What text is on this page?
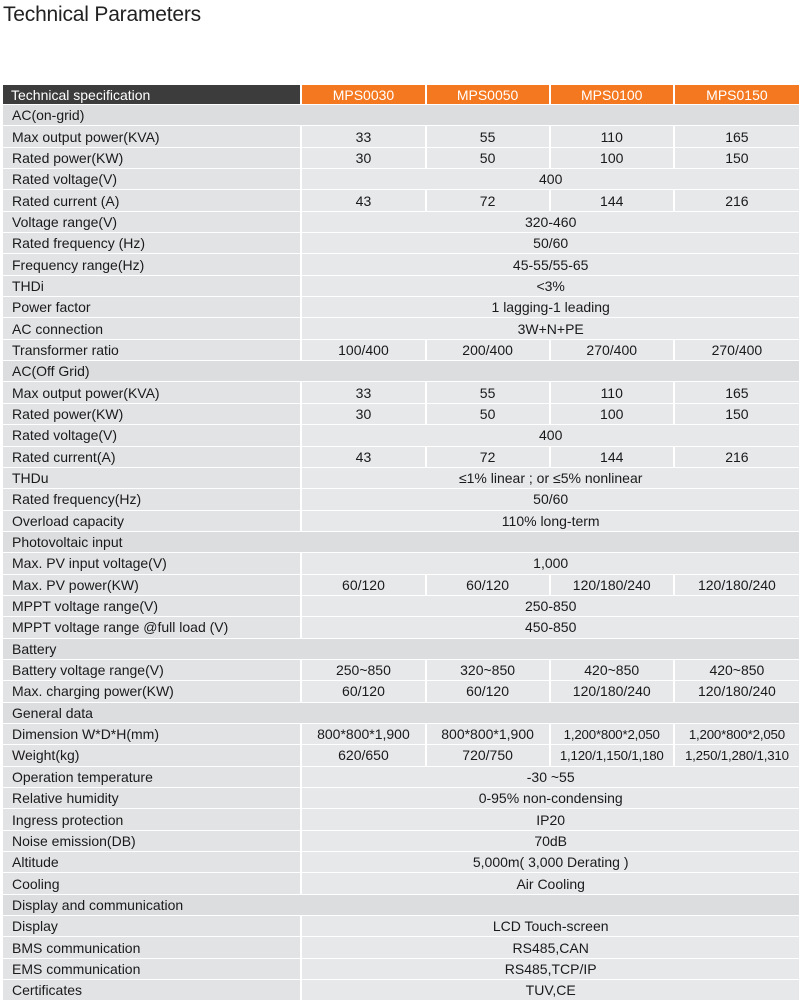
Technical Parameters
Technical specification	MPS0030	MPS0050	MPS0100	MPS0150
AC(on-grid)				
Max output power(KVA)	33	55	110	165
Rated power(KW)	30	50	100	150
Rated voltage(V)	400			
Rated current (A)	43	72	144	216
Voltage range(V)	320-460			
Rated frequency (Hz)	50/60			
Frequency range(Hz)	45-55/55-65			
THDi	<3%			
Power factor	1 lagging-1 leading			
AC connection	3W+N+PE			
Transformer ratio	100/400	200/400	270/400	270/400
AC(Off Grid)				
Max output power(KVA)	33	55	110	165
Rated power(KW)	30	50	100	150
Rated voltage(V)	400			
Rated current(A)	43	72	144	216
THDu	≤1% linear ; or ≤5% nonlinear			
Rated frequency(Hz)	50/60			
Overload capacity	110% long-term			
Photovoltaic input				
Max. PV input voltage(V)	1,000			
Max. PV power(KW)	60/120	60/120	120/180/240	120/180/240
MPPT voltage range(V)	250-850			
MPPT voltage range @full load (V)	450-850			
Battery				
Battery voltage range(V)	250~850	320~850	420~850	420~850
Max. charging power(KW)	60/120	60/120	120/180/240	120/180/240
General data				
Dimension W*D*H(mm)	800*800*1,900	800*800*1,900	1,200*800*2,050	1,200*800*2,050
Weight(kg)	620/650	720/750	1,120/1,150/1,180	1,250/1,280/1,310
Operation temperature	-30 ~55			
Relative humidity	0-95% non-condensing			
Ingress protection	IP20			
Noise emission(DB)	70dB			
Altitude	5,000m( 3,000 Derating )			
Cooling	Air Cooling			
Display and communication				
Display	LCD Touch-screen			
BMS communication	RS485,CAN			
EMS communication	RS485,TCP/IP			
Certificates	TUV,CE			
